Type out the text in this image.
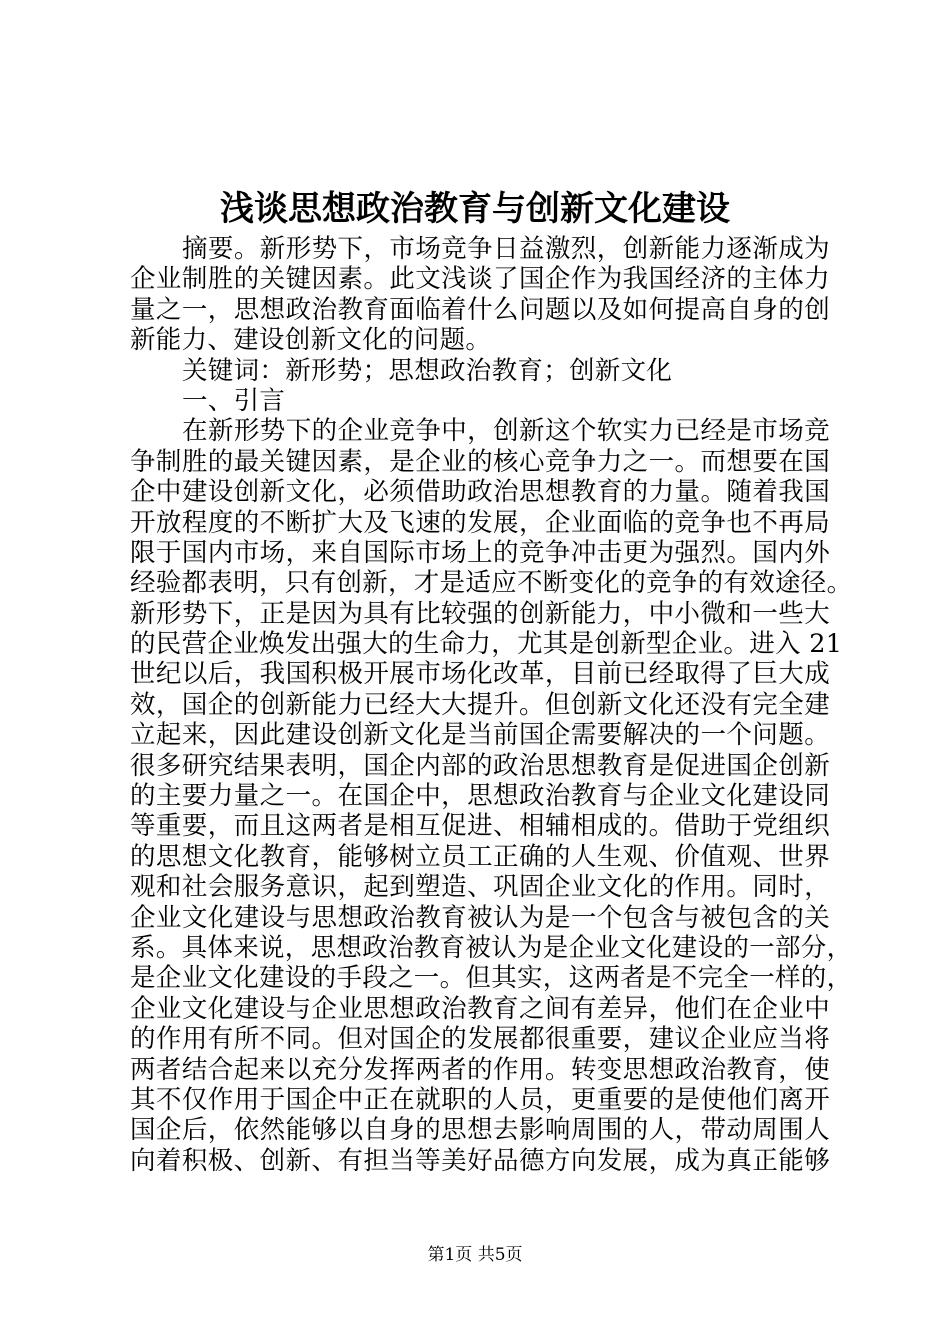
浅谈思想政治教育与创新文化建设
摘要。新形势下，市场竞争日益激烈，创新能力逐渐成为
企业制胜的关键因素。此文浅谈了国企作为我国经济的主体力
量之一，思想政治教育面临着什么问题以及如何提高自身的创
新能力、建设创新文化的问题。
关键词：新形势；思想政治教育；创新文化
一、引言
在新形势下的企业竞争中，创新这个软实力已经是市场竞
争制胜的最关键因素，是企业的核心竞争力之一。而想要在国
企中建设创新文化，必须借助政治思想教育的力量。随着我国
开放程度的不断扩大及飞速的发展，企业面临的竞争也不再局
限于国内市场，来自国际市场上的竞争冲击更为强烈。国内外
经验都表明，只有创新，才是适应不断变化的竞争的有效途径。
新形势下，正是因为具有比较强的创新能力，中小微和一些大
的民营企业焕发出强大的生命力，尤其是创新型企业。进入 21
世纪以后，我国积极开展市场化改革，目前已经取得了巨大成
效，国企的创新能力已经大大提升。但创新文化还没有完全建
立起来，因此建设创新文化是当前国企需要解决的一个问题。
很多研究结果表明，国企内部的政治思想教育是促进国企创新
的主要力量之一。在国企中，思想政治教育与企业文化建设同
等重要，而且这两者是相互促进、相辅相成的。借助于党组织
的思想文化教育，能够树立员工正确的人生观、价值观、世界
观和社会服务意识，起到塑造、巩固企业文化的作用。同时，
企业文化建设与思想政治教育被认为是一个包含与被包含的关
系。具体来说，思想政治教育被认为是企业文化建设的一部分，
是企业文化建设的手段之一。但其实，这两者是不完全一样的，
企业文化建设与企业思想政治教育之间有差异，他们在企业中
的作用有所不同。但对国企的发展都很重要，建议企业应当将
两者结合起来以充分发挥两者的作用。转变思想政治教育，使
其不仅作用于国企中正在就职的人员，更重要的是使他们离开
国企后，依然能够以自身的思想去影响周围的人，带动周围人
向着积极、创新、有担当等美好品德方向发展，成为真正能够
第1页 共5页
